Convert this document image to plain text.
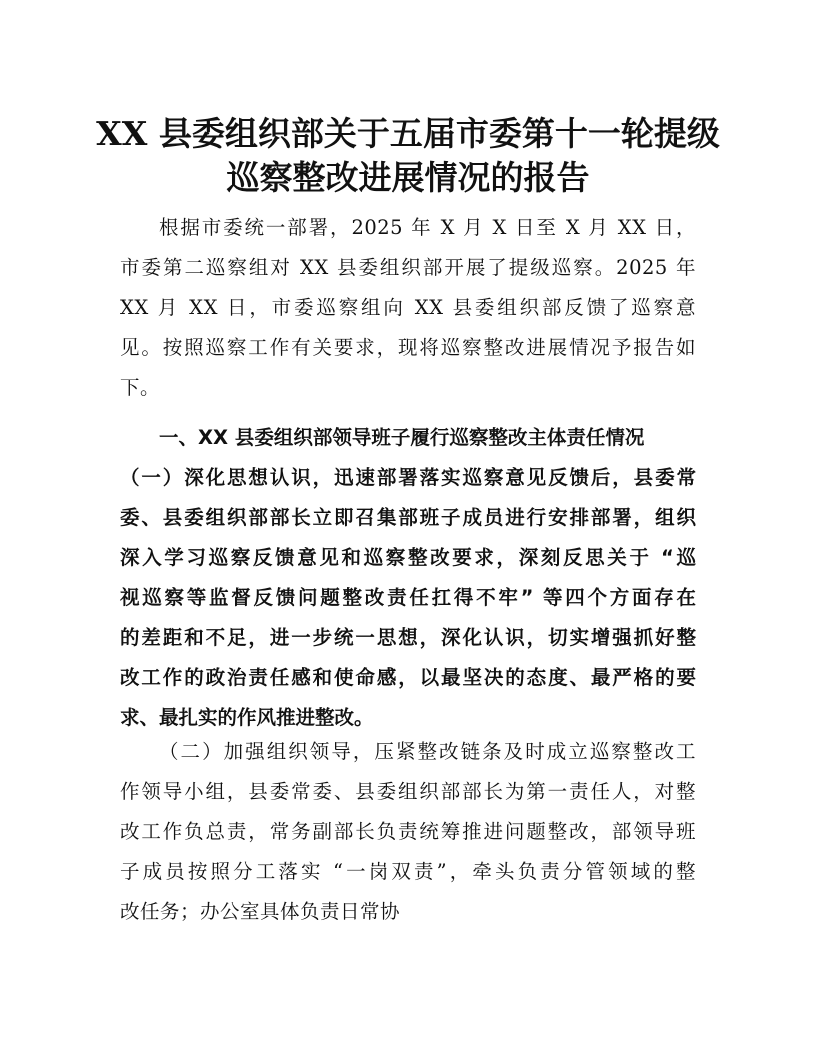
XX 县委组织部关于五届市委第十一轮提级
巡察整改进展情况的报告
根据市委统一部署，2025 年 X 月 X 日至 X 月 XX 日，
市委第二巡察组对 XX 县委组织部开展了提级巡察。2025 年
XX 月 XX 日，市委巡察组向 XX 县委组织部反馈了巡察意
见。按照巡察工作有关要求，现将巡察整改进展情况予报告如
下。
一、XX 县委组织部领导班子履行巡察整改主体责任情况
（一）深化思想认识，迅速部署落实巡察意见反馈后，县委常
委、县委组织部部长立即召集部班子成员进行安排部署，组织
深入学习巡察反馈意见和巡察整改要求，深刻反思关于 “巡
视巡察等监督反馈问题整改责任扛得不牢” 等四个方面存在
的差距和不足，进一步统一思想，深化认识，切实增强抓好整
改工作的政治责任感和使命感，以最坚决的态度、最严格的要
求、最扎实的作风推进整改。
（二）加强组织领导，压紧整改链条及时成立巡察整改工
作领导小组，县委常委、县委组织部部长为第一责任人，对整
改工作负总责，常务副部长负责统筹推进问题整改，部领导班
子成员按照分工落实 “一岗双责”，牵头负责分管领域的整
改任务；办公室具体负责日常协
